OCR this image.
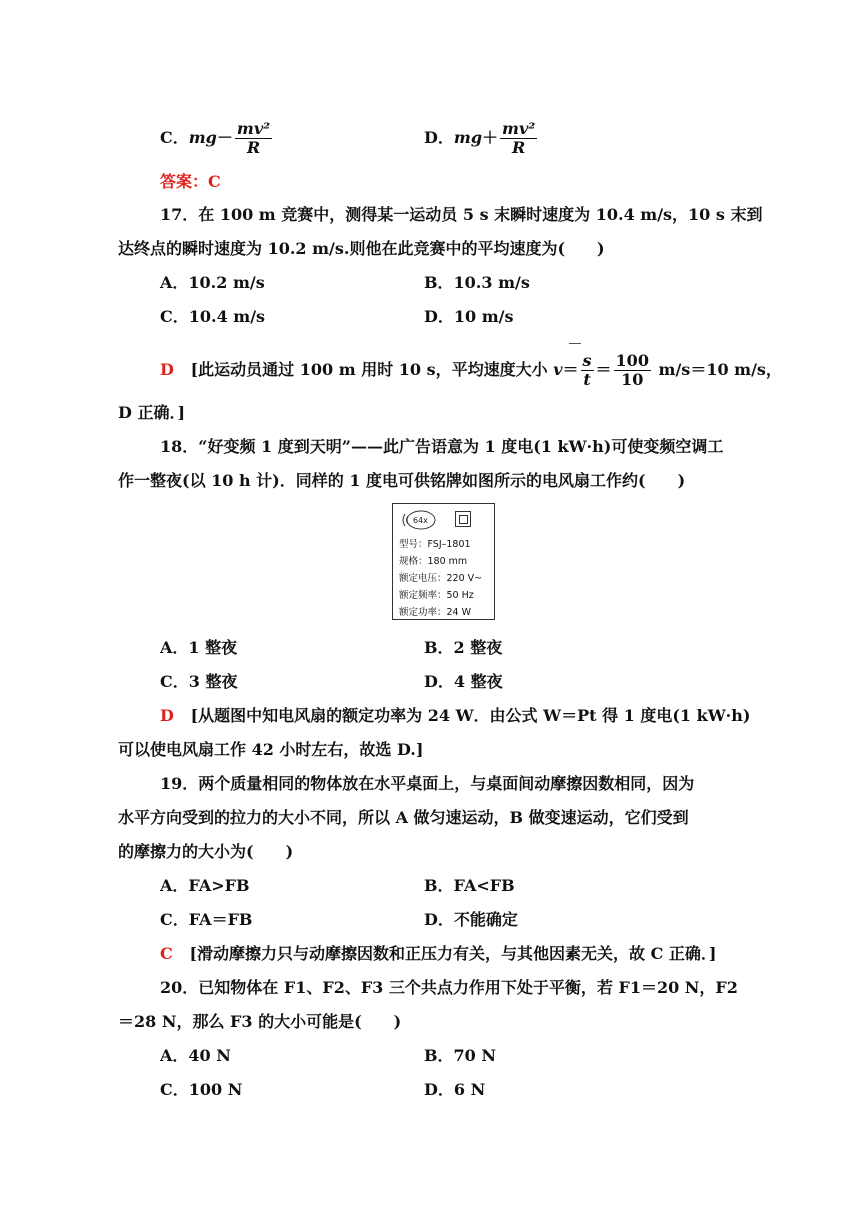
C．$mg- \frac{\text{mv²}}{R}$	D．$mg+ \frac{\text{mv²}}{R}$
答案：C
17．在 100 m 竞赛中，测得某一运动员 5 s 末瞬时速度为 10.4 m/s，10 s 末到
达终点的瞬时速度为 10.2 m/s.则他在此竞赛中的平均速度为(　　)
A．10.2 m/s	B．10.3 m/s
C．10.4 m/s	D．10 m/s
D [此运动员通过 100 m 用时 10 s，平均速度大小 $v= \frac{s}{t} = \frac{100}{10} m/s=10$ m/s，
D 正确．]
18．“好变频 1 度到天明”——此广告语意为 1 度电(1 kW·h)可使变频空调工
作一整夜(以 10 h 计)．同样的 1 度电可供铭牌如图所示的电风扇工作约(　　)
64x
型号：FSJ–1801
规格：180 mm
额定电压：220 V~
额定频率：50 Hz
额定功率：24 W
A．1 整夜	B．2 整夜
C．3 整夜	D．4 整夜
D [从题图中知电风扇的额定功率为 24 W．由公式 W＝Pt 得 1 度电(1 kW·h)
可以使电风扇工作 42 小时左右，故选 D.]
19．两个质量相同的物体放在水平桌面上，与桌面间动摩擦因数相同，因为
水平方向受到的拉力的大小不同，所以 A 做匀速运动，B 做变速运动，它们受到
的摩擦力的大小为(　　)
A．FA>FB	B．FA<FB
C．FA＝FB	D．不能确定
C [滑动摩擦力只与动摩擦因数和正压力有关，与其他因素无关，故 C 正确．]
20．已知物体在 F1、F2、F3 三个共点力作用下处于平衡，若 F1＝20 N，F2
＝28 N，那么 F3 的大小可能是(　　)
A．40 N	B．70 N
C．100 N	D．6 N
